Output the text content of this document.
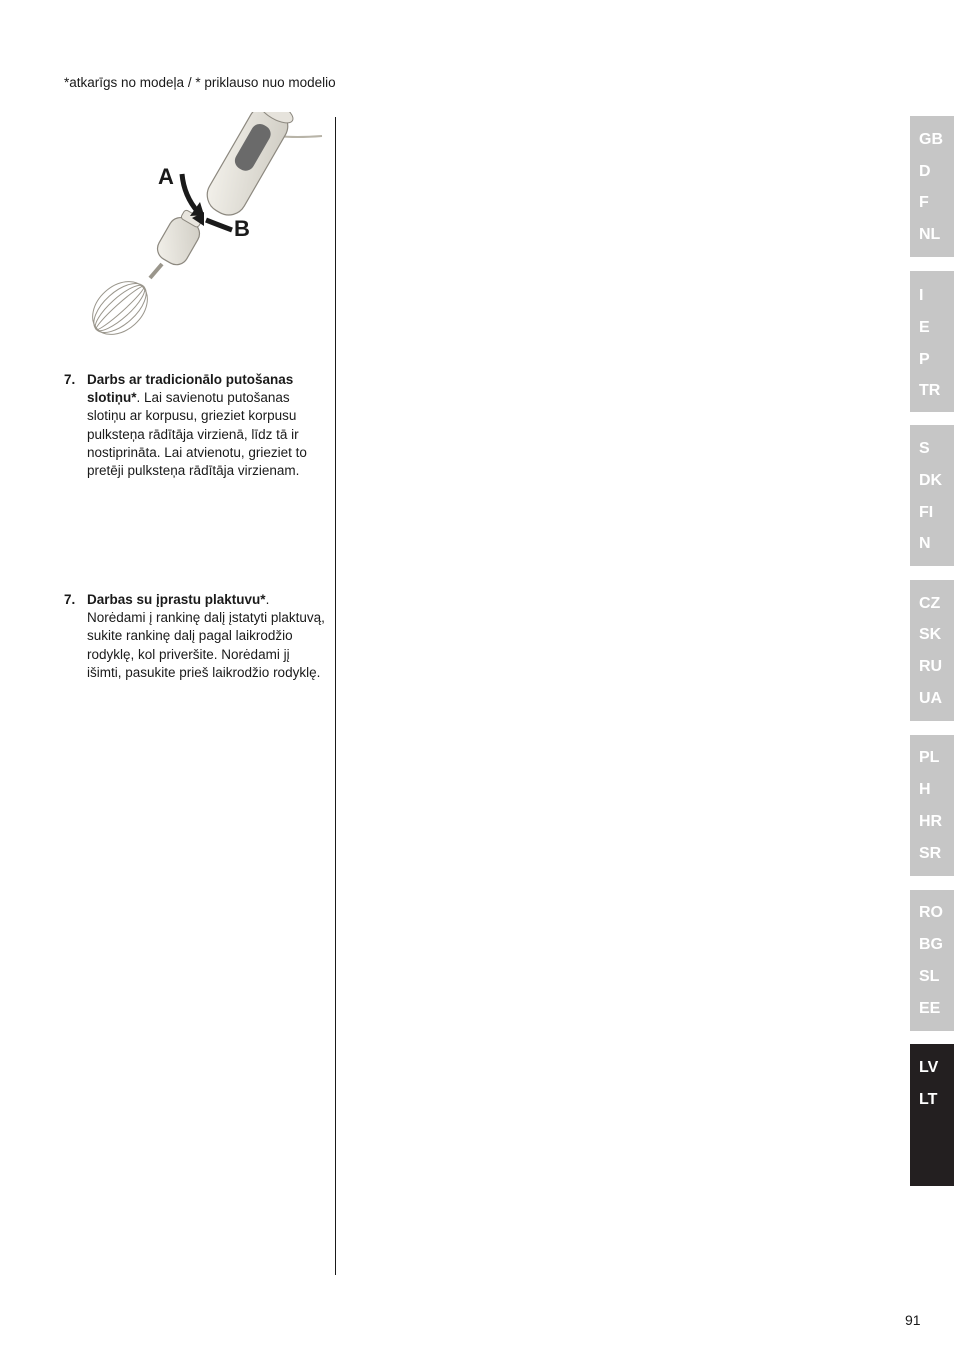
*atkarīgs no modeļa / * priklauso nuo modelio
A
B
7. Darbs ar tradicionālo putošanas slotiņu*. Lai savienotu putošanas slotiņu ar korpusu, grieziet korpusu pulksteņa rādītāja virzienā, līdz tā ir nostiprināta. Lai atvienotu, grieziet to pretēji pulksteņa rādītāja virzienam.
7. Darbas su įprastu plaktuvu*. Norėdami į rankinę dalį įstatyti plaktuvą, sukite rankinę dalį pagal laikrodžio rodyklę, kol priveršite. Norėdami jį išimti, pasukite prieš laikrodžio rodyklę.
GB
D
F
NL
I
E
P
TR
S
DK
FI
N
CZ
SK
RU
UA
PL
H
HR
SR
RO
BG
SL
EE
LV
LT
91
